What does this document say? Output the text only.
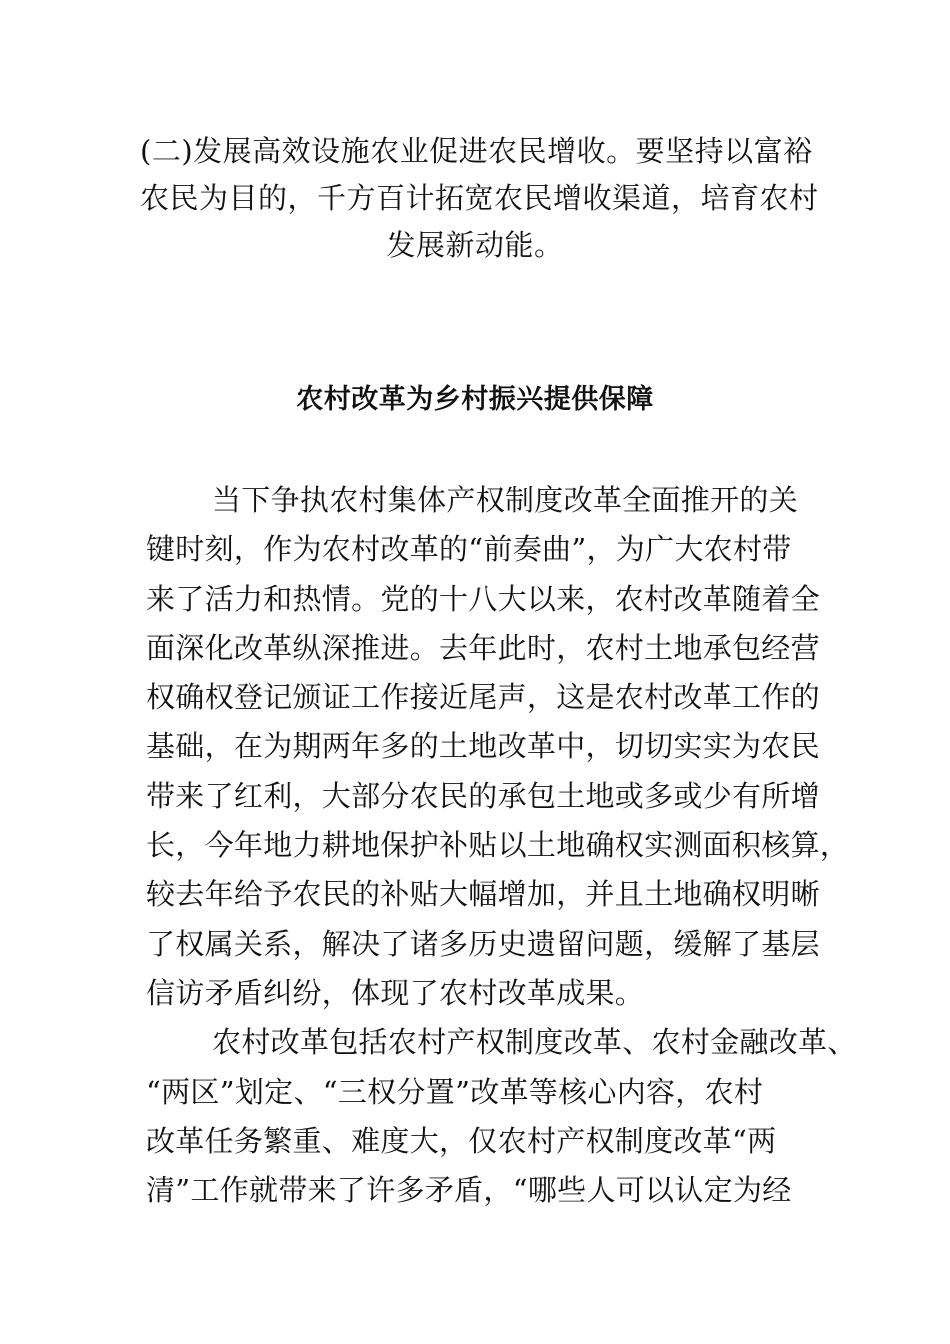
(二)发展高效设施农业促进农民增收。要坚持以富裕
农民为目的，千方百计拓宽农民增收渠道，培育农村
发展新动能。
农村改革为乡村振兴提供保障
当下争执农村集体产权制度改革全面推开的关
键时刻，作为农村改革的“前奏曲”，为广大农村带
来了活力和热情。党的十八大以来，农村改革随着全
面深化改革纵深推进。去年此时，农村土地承包经营
权确权登记颁证工作接近尾声，这是农村改革工作的
基础，在为期两年多的土地改革中，切切实实为农民
带来了红利，大部分农民的承包土地或多或少有所增
长，今年地力耕地保护补贴以土地确权实测面积核算，
较去年给予农民的补贴大幅增加，并且土地确权明晰
了权属关系，解决了诸多历史遗留问题，缓解了基层
信访矛盾纠纷，体现了农村改革成果。
农村改革包括农村产权制度改革、农村金融改革、
“两区”划定、“三权分置”改革等核心内容，农村
改革任务繁重、难度大，仅农村产权制度改革“两
清”工作就带来了许多矛盾，“哪些人可以认定为经
